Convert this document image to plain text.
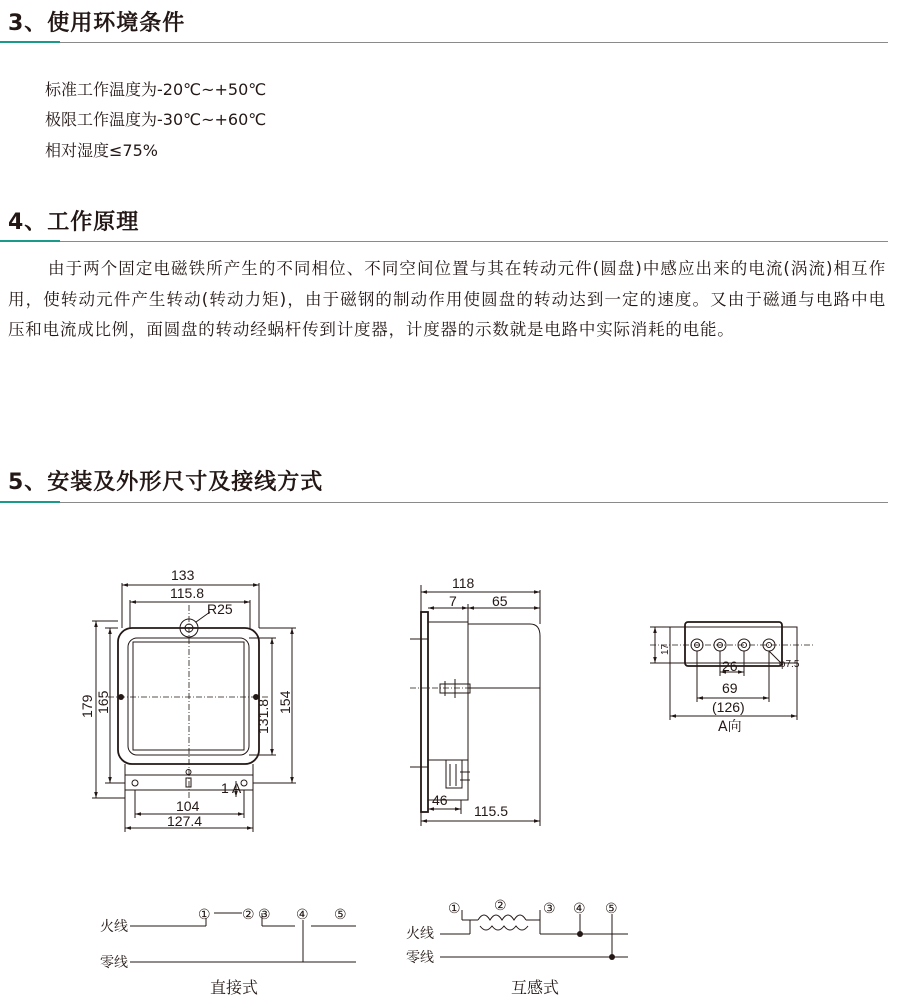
3、使用环境条件

标准工作温度为-20℃~+50℃

极限工作温度为-30℃~+60℃

相对湿度≤75%

4、工作原理

由于两个固定电磁铁所产生的不同相位、不同空间位置与其在转动元件(圆盘)中感应出来的电流(涡流)相互作用，使转动元件产生转动(转动力矩)，由于磁钢的制动作用使圆盘的转动达到一定的速度。又由于磁通与电路中电压和电流成比例，面圆盘的转动经蜗杆传到计度器，计度器的示数就是电路中实际消耗的电能。

5、安装及外形尺寸及接线方式
133
115.8
R25
179 165	131.8 154
1 A
104
127.4
118
7	65
46
115.5
17
26	φ7.5
69
(126)
A向
火线
零线
① ② ③ ④ ⑤
直接式
火线
零线
① ②	③ ④ ⑤
互感式
